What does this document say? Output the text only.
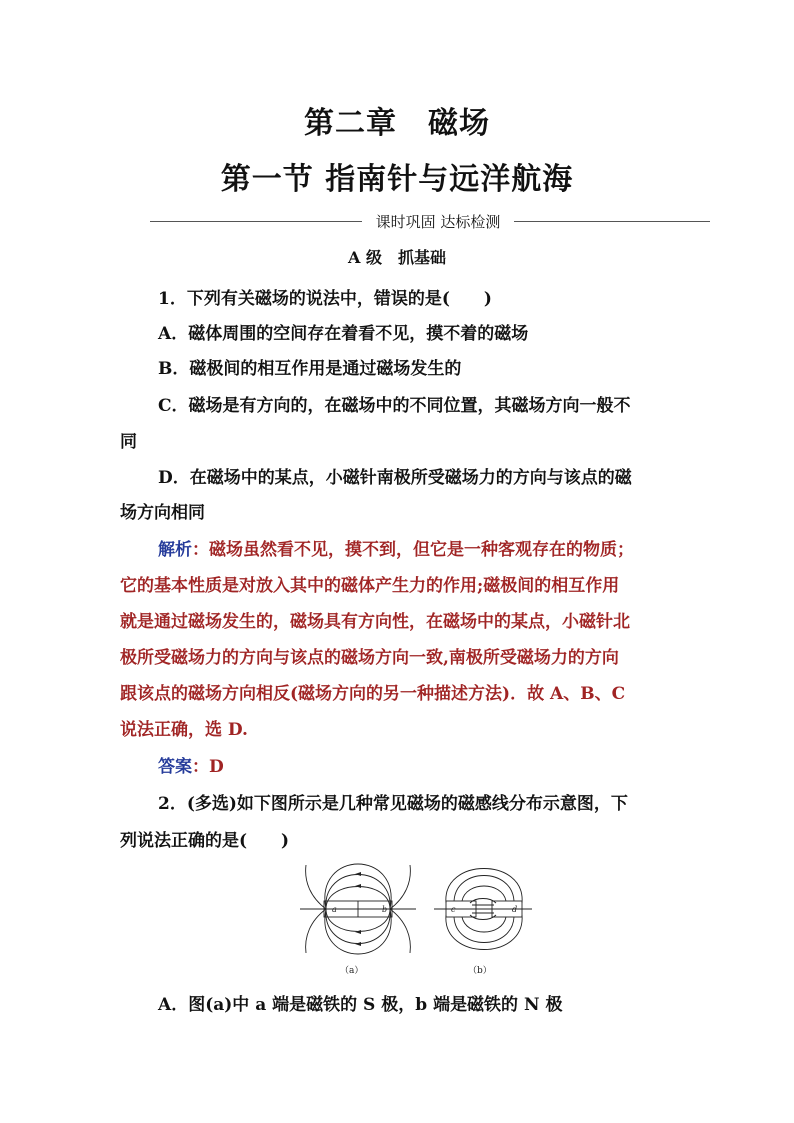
第二章　磁场
第一节 指南针与远洋航海
课时巩固 达标检测
A 级　抓基础
1．下列有关磁场的说法中，错误的是(　　)
A．磁体周围的空间存在着看不见，摸不着的磁场
B．磁极间的相互作用是通过磁场发生的
C．磁场是有方向的，在磁场中的不同位置，其磁场方向一般不
同
D．在磁场中的某点，小磁针南极所受磁场力的方向与该点的磁
场方向相同
解析：磁场虽然看不见，摸不到，但它是一种客观存在的物质；
它的基本性质是对放入其中的磁体产生力的作用;磁极间的相互作用
就是通过磁场发生的，磁场具有方向性，在磁场中的某点，小磁针北
极所受磁场力的方向与该点的磁场方向一致,南极所受磁场力的方向
跟该点的磁场方向相反(磁场方向的另一种描述方法)．故 A、B、C
说法正确，选 D.
答案：D
2．(多选)如下图所示是几种常见磁场的磁感线分布示意图，下
列说法正确的是(　　)
a	b	c	d
（a）	（b）
A．图(a)中 a 端是磁铁的 S 极，b 端是磁铁的 N 极
